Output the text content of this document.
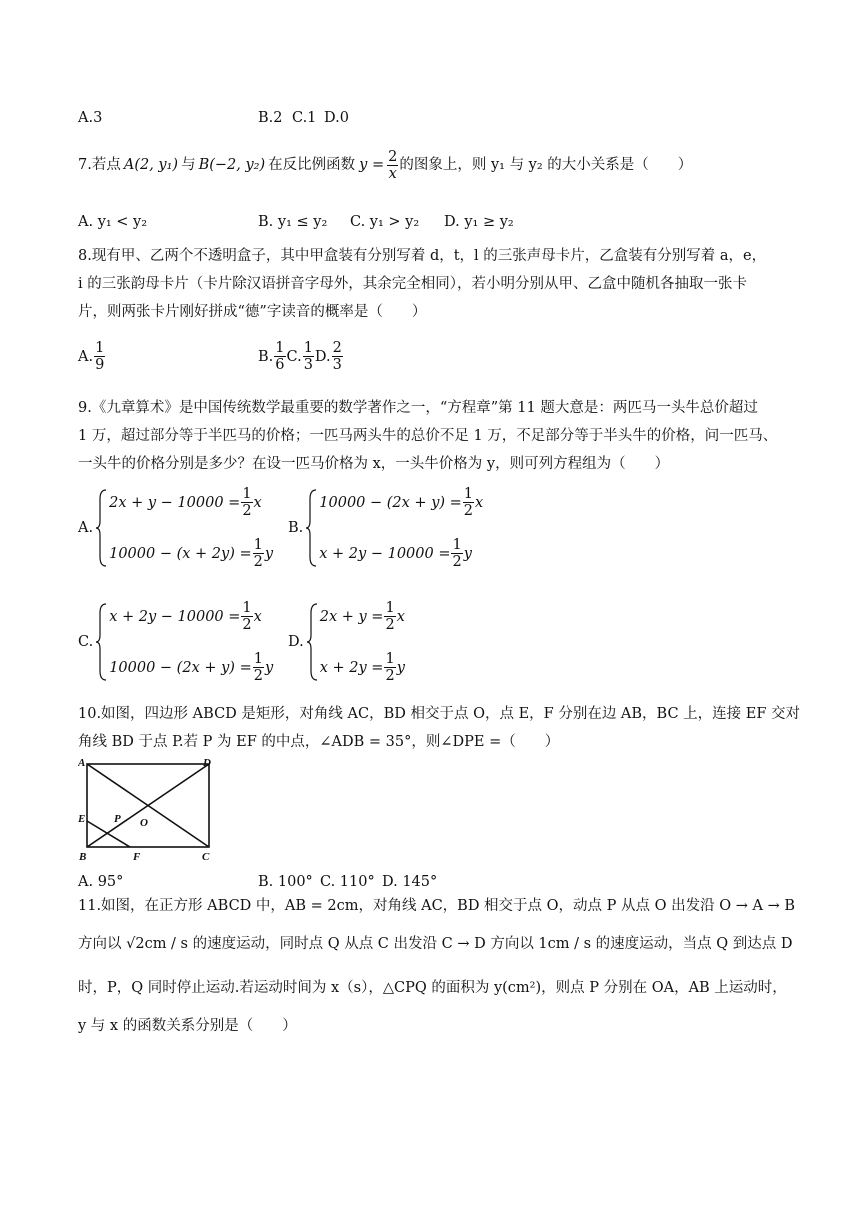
A.3	B.2 C.1 D.0
7.若点 A(2, y₁) 与 B(−2, y₂) 在反比例函数 $y = \frac{2}{x}$ 的图象上，则 y₁ 与 y₂ 的大小关系是（　　）
A. y₁ < y₂	B. y₁ ≤ y₂ C. y₁ > y₂ D. y₁ ≥ y₂
8.现有甲、乙两个不透明盒子，其中甲盒装有分别写着 d，t，l 的三张声母卡片，乙盒装有分别写着 a，e，
i 的三张韵母卡片（卡片除汉语拼音字母外，其余完全相同），若小明分别从甲、乙盒中随机各抽取一张卡
片，则两张卡片刚好拼成“德”字读音的概率是（　　）
A. $\frac{1}{9}$	B. $\frac{1}{6} C$. $\frac{1}{3} D$. $\frac{2}{3}$
9.《九章算术》是中国传统数学最重要的数学著作之一，“方程章”第 11 题大意是：两匹马一头牛总价超过
1 万，超过部分等于半匹马的价格；一匹马两头牛的总价不足 1 万，不足部分等于半头牛的价格，问一匹马、
一头牛的价格分别是多少？在设一匹马价格为 x，一头牛价格为 y，则可列方程组为（　　）
A.
$2x + y - 10000 = \frac{1}{2}$ x
$10000 - (x + 2y) = \frac{1}{2}$ y
B.
$10000 - (2x + y) = \frac{1}{2}$ x
$x + 2y - 10000 = \frac{1}{2}$ y
C.
$x + 2y - 10000 = \frac{1}{2}$ x
$10000 - (2x + y) = \frac{1}{2}$ y
D.
$2x + y = \frac{1}{2}$ x
$x + 2y = \frac{1}{2}$ y
10.如图，四边形 ABCD 是矩形，对角线 AC，BD 相交于点 O，点 E，F 分别在边 AB，BC 上，连接 EF 交对
角线 BD 于点 P.若 P 为 EF 的中点，∠ADB = 35°，则∠DPE =（　　）
A	D
E	P O
B	F	C
A. 95°	B. 100° C. 110° D. 145°
11.如图，在正方形 ABCD 中，AB = 2cm，对角线 AC，BD 相交于点 O，动点 P 从点 O 出发沿 O → A → B
方向以 √2cm / s 的速度运动，同时点 Q 从点 C 出发沿 C → D 方向以 1cm / s 的速度运动，当点 Q 到达点 D
时，P，Q 同时停止运动.若运动时间为 x（s），△CPQ 的面积为 y(cm²)，则点 P 分别在 OA，AB 上运动时，
y 与 x 的函数关系分别是（　　）
